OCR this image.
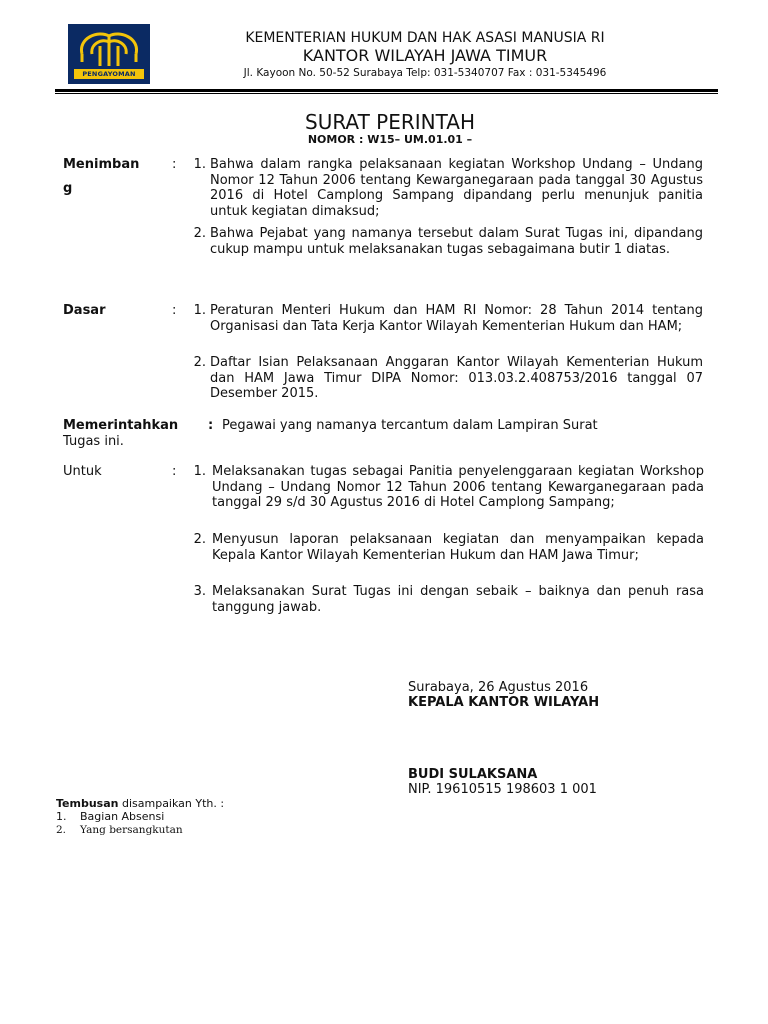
PENGAYOMAN
KEMENTERIAN HUKUM DAN HAK ASASI MANUSIA RI
KANTOR WILAYAH JAWA TIMUR
Jl. Kayoon No. 50-52 Surabaya Telp: 031-5340707 Fax : 031-5345496
SURAT PERINTAH
NOMOR : W15– UM.01.01 –
Menimban
g
:	1. Bahwa dalam rangka pelaksanaan kegiatan Workshop Undang – Undang Nomor 12 Tahun 2006 tentang Kewarganegaraan pada tanggal 30 Agustus 2016 di Hotel Camplong Sampang dipandang perlu menunjuk panitia untuk kegiatan dimaksud;
2. Bahwa Pejabat yang namanya tersebut dalam Surat Tugas ini, dipandang cukup mampu untuk melaksanakan tugas sebagaimana butir 1 diatas.
Dasar	:	1. Peraturan Menteri Hukum dan HAM RI Nomor: 28 Tahun 2014 tentang Organisasi dan Tata Kerja Kantor Wilayah Kementerian Hukum dan HAM;
2. Daftar Isian Pelaksanaan Anggaran Kantor Wilayah Kementerian Hukum dan HAM Jawa Timur DIPA Nomor: 013.03.2.408753/2016 tanggal 07 Desember 2015.
Memerintahkan : Pegawai yang namanya tercantum dalam Lampiran Surat
Tugas ini.
Untuk	:	1. Melaksanakan tugas sebagai Panitia penyelenggaraan kegiatan Workshop Undang – Undang Nomor 12 Tahun 2006 tentang Kewarganegaraan pada tanggal 29 s/d 30 Agustus 2016 di Hotel Camplong Sampang;
2. Menyusun laporan pelaksanaan kegiatan dan menyampaikan kepada Kepala Kantor Wilayah Kementerian Hukum dan HAM Jawa Timur;
3. Melaksanakan Surat Tugas ini dengan sebaik – baiknya dan penuh rasa tanggung jawab.
Surabaya, 26 Agustus 2016
KEPALA KANTOR WILAYAH
BUDI SULAKSANA
NIP. 19610515 198603 1 001
Tembusan disampaikan Yth. :
1. Bagian Absensi
2. Yang bersangkutan
